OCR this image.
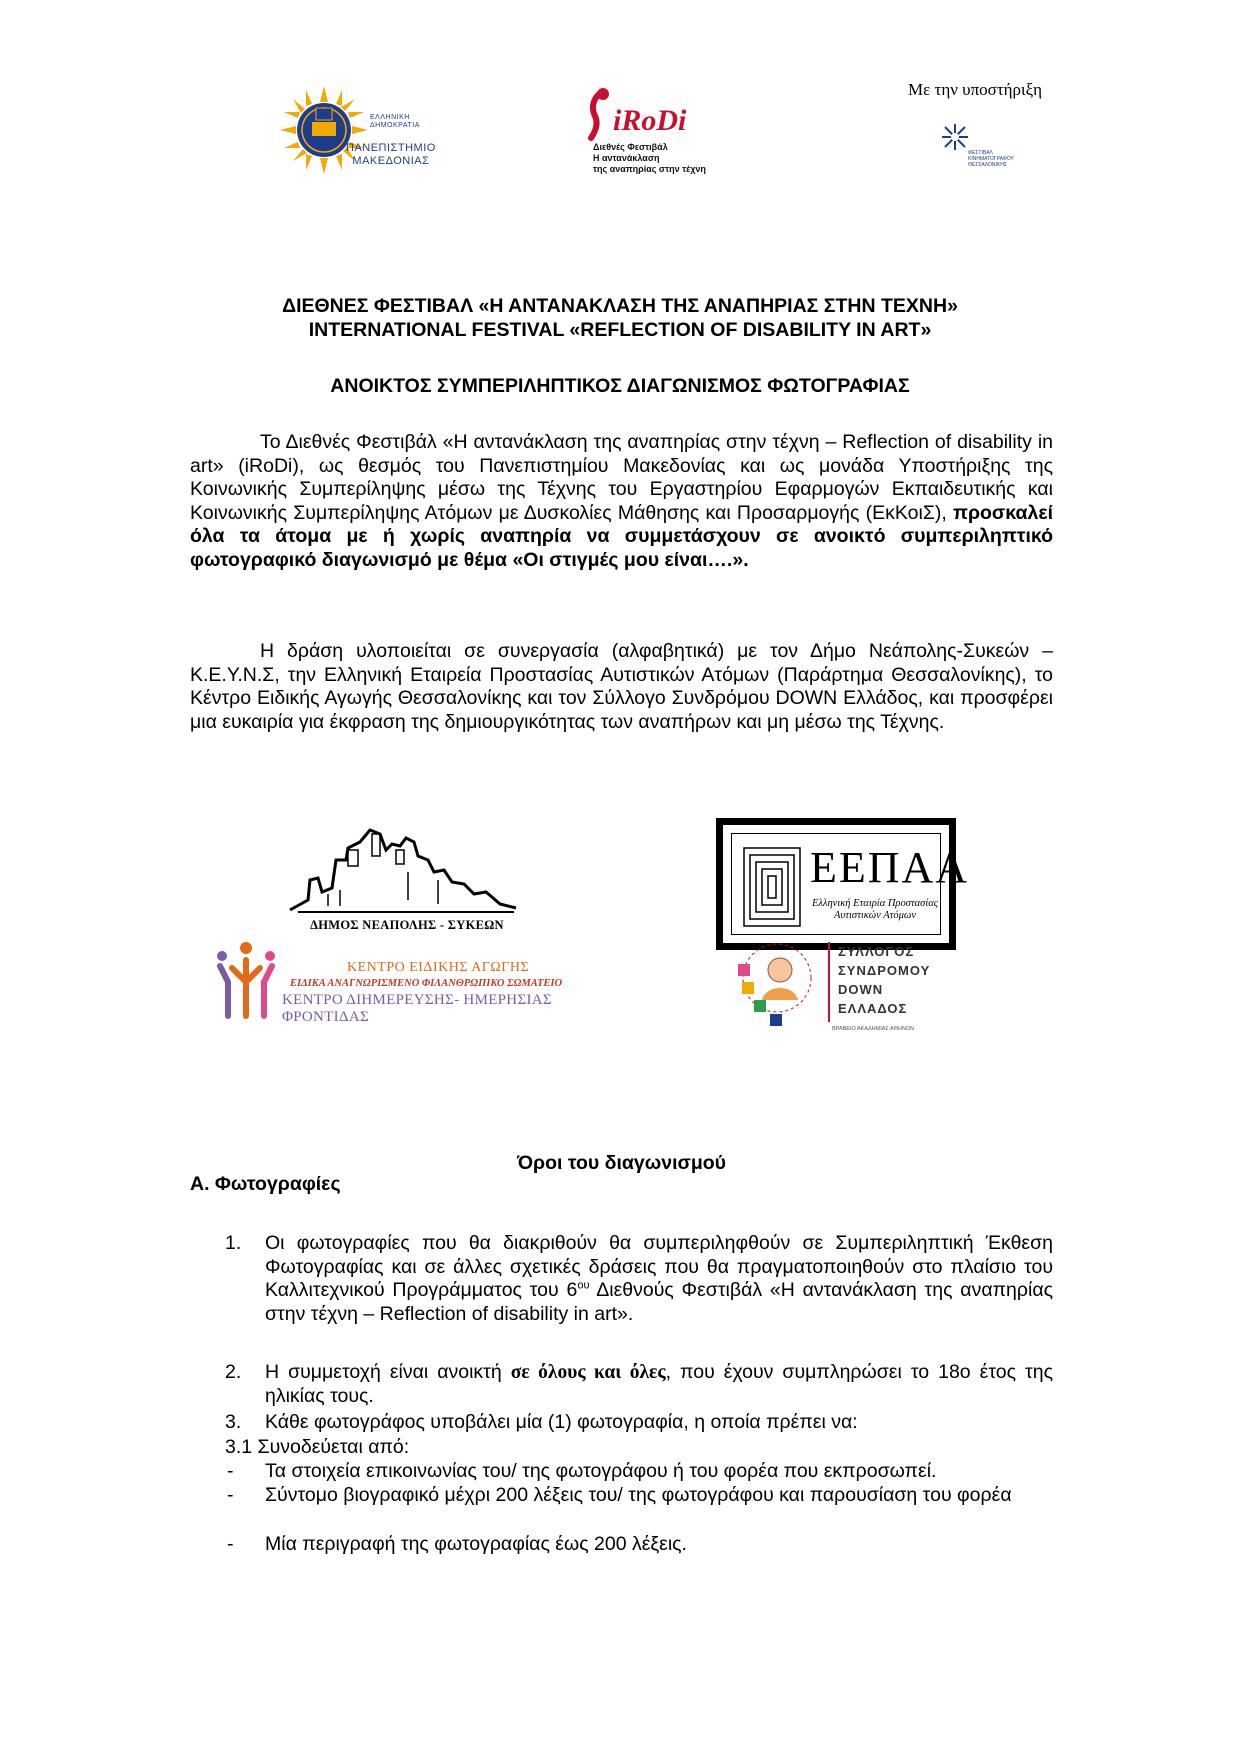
ΕΛΛΗΝΙΚΗ
ΔΗΜΟΚΡΑΤΙΑ
ΠΑΝΕΠΙΣΤΗΜΙΟ
ΜΑΚΕΔΟΝΙΑΣ
iRoDi
Διεθνές Φεστιβάλ
Η αντανάκλαση
της αναπηρίας στην τέχνη
Με την υποστήριξη
ΦΕΣΤΙΒΑΛ ΚΙΝΗΜΑΤΟΓΡΑΦΟΥ
ΘΕΣΣΑΛΟΝΙΚΗΣ
ΔΙΕΘΝΕΣ ΦΕΣΤΙΒΑΛ «Η ΑΝΤΑΝΑΚΛΑΣΗ ΤΗΣ ΑΝΑΠΗΡΙΑΣ ΣΤΗΝ ΤΕΧΝΗ»
INTERNATIONAL FESTIVAL «REFLECTION OF DISABILITY IN ART»
ΑΝΟΙΚΤΟΣ ΣΥΜΠΕΡΙΛΗΠΤΙΚΟΣ ΔΙΑΓΩΝΙΣΜΟΣ ΦΩΤΟΓΡΑΦΙΑΣ
Το Διεθνές Φεστιβάλ «Η αντανάκλαση της αναπηρίας στην τέχνη – Reflection of disability in art» (iRoDi), ως θεσμός του Πανεπιστημίου Μακεδονίας και ως μονάδα Υποστήριξης της Κοινωνικής Συμπερίληψης μέσω της Τέχνης του Εργαστηρίου Εφαρμογών Εκπαιδευτικής και Κοινωνικής Συμπερίληψης Ατόμων με Δυσκολίες Μάθησης και Προσαρμογής (ΕκΚοιΣ), προσκαλεί όλα τα άτομα με ή χωρίς αναπηρία να συμμετάσχουν σε ανοικτό συμπεριληπτικό φωτογραφικό διαγωνισμό με θέμα «Οι στιγμές μου είναι….».
Η δράση υλοποιείται σε συνεργασία (αλφαβητικά) με τον Δήμο Νεάπολης-Συκεών – Κ.Ε.Υ.Ν.Σ, την Ελληνική Εταιρεία Προστασίας Αυτιστικών Ατόμων (Παράρτημα Θεσσαλονίκης), το Κέντρο Ειδικής Αγωγής Θεσσαλονίκης και τον Σύλλογο Συνδρόμου DOWN Ελλάδος, και προσφέρει μια ευκαιρία για έκφραση της δημιουργικότητας των αναπήρων και μη μέσω της Τέχνης.
ΔΗΜΟΣ ΝΕΑΠΟΛΗΣ - ΣΥΚΕΩΝ
ΕΕΠΑΑ
Ελληνική Εταιρία Προστασίας
Αυτιστικών Ατόμων
ΚΕΝΤΡΟ ΕΙΔΙΚΗΣ ΑΓΩΓΗΣ
ΕΙΔΙΚΑ ΑΝΑΓΝΩΡΙΣΜΕΝΟ ΦΙΛΑΝΘΡΩΠΙΚΟ ΣΩΜΑΤΕΙΟ
ΚΕΝΤΡΟ ΔΙΗΜΕΡΕΥΣΗΣ- ΗΜΕΡΗΣΙΑΣ ΦΡΟΝΤΙΔΑΣ
ΣΥΛΛΟΓΟΣ
ΣΥΝΔΡΟΜΟΥ
DOWN
ΕΛΛΑΔΟΣ
ΒΡΑΒΕΙΟ ΑΚΑΔΗΜΙΑΣ ΑΘΗΝΩΝ
Όροι του διαγωνισμού
Α. Φωτογραφίες
1. Οι φωτογραφίες που θα διακριθούν θα συμπεριληφθούν σε Συμπεριληπτική Έκθεση Φωτογραφίας και σε άλλες σχετικές δράσεις που θα πραγματοποιηθούν στο πλαίσιο του Καλλιτεχνικού Προγράμματος του $6^{o\upsilon}$ Διεθνούς Φεστιβάλ «Η αντανάκλαση της αναπηρίας στην τέχνη – Reflection of disability in art».
2. Η συμμετοχή είναι ανοικτή σε όλους και όλες, που έχουν συμπληρώσει το 18ο έτος της ηλικίας τους.
3. Κάθε φωτογράφος υποβάλει μία (1) φωτογραφία, η οποία πρέπει να:
3.1 Συνοδεύεται από:
- Τα στοιχεία επικοινωνίας του/ της φωτογράφου ή του φορέα που εκπροσωπεί.
- Σύντομο βιογραφικό μέχρι 200 λέξεις του/ της φωτογράφου και παρουσίαση του φορέα
- Μία περιγραφή της φωτογραφίας έως 200 λέξεις.
